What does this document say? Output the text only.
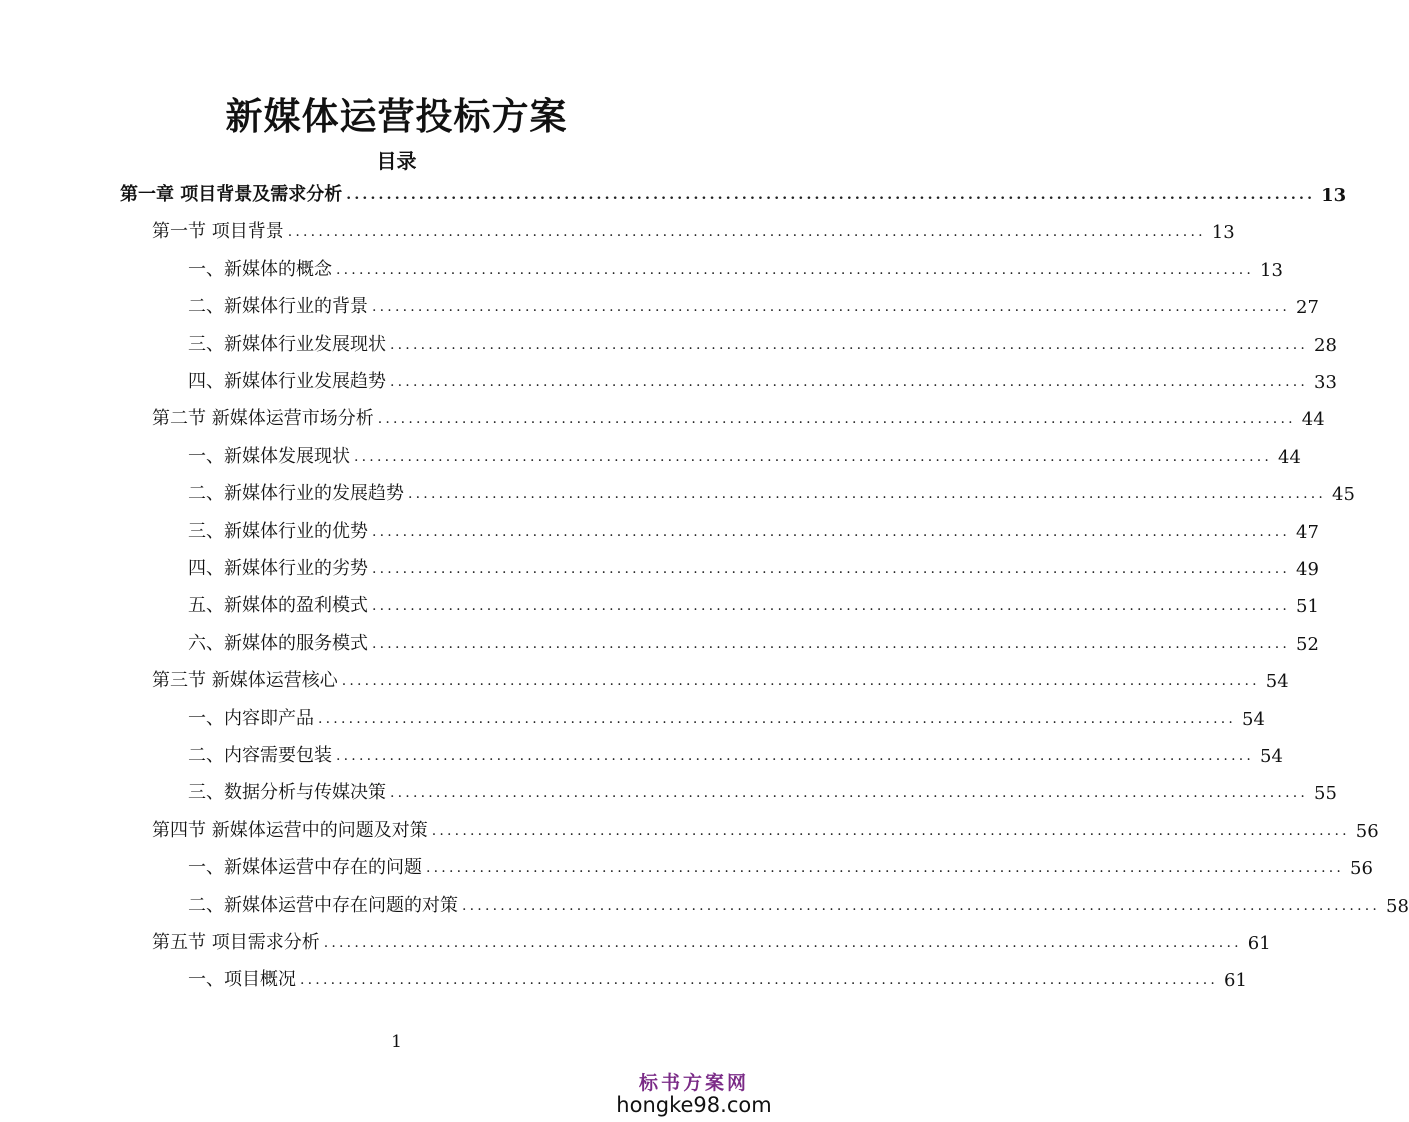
新媒体运营投标方案
目录
第一章 项目背景及需求分析 ........................................................................................................................ 13
第一节 项目背景 ........................................................................................................................ 13
一、新媒体的概念 ........................................................................................................................ 13
二、新媒体行业的背景 ........................................................................................................................ 27
三、新媒体行业发展现状 ........................................................................................................................ 28
四、新媒体行业发展趋势 ........................................................................................................................ 33
第二节 新媒体运营市场分析 ........................................................................................................................ 44
一、新媒体发展现状 ........................................................................................................................ 44
二、新媒体行业的发展趋势 ........................................................................................................................ 45
三、新媒体行业的优势 ........................................................................................................................ 47
四、新媒体行业的劣势 ........................................................................................................................ 49
五、新媒体的盈利模式 ........................................................................................................................ 51
六、新媒体的服务模式 ........................................................................................................................ 52
第三节 新媒体运营核心 ........................................................................................................................ 54
一、内容即产品 ........................................................................................................................ 54
二、内容需要包装 ........................................................................................................................ 54
三、数据分析与传媒决策 ........................................................................................................................ 55
第四节 新媒体运营中的问题及对策 ........................................................................................................................ 56
一、新媒体运营中存在的问题 ........................................................................................................................ 56
二、新媒体运营中存在问题的对策 ........................................................................................................................ 58
第五节 项目需求分析 ........................................................................................................................ 61
一、项目概况 ........................................................................................................................ 61
1
标书方案网
hongke98.com
